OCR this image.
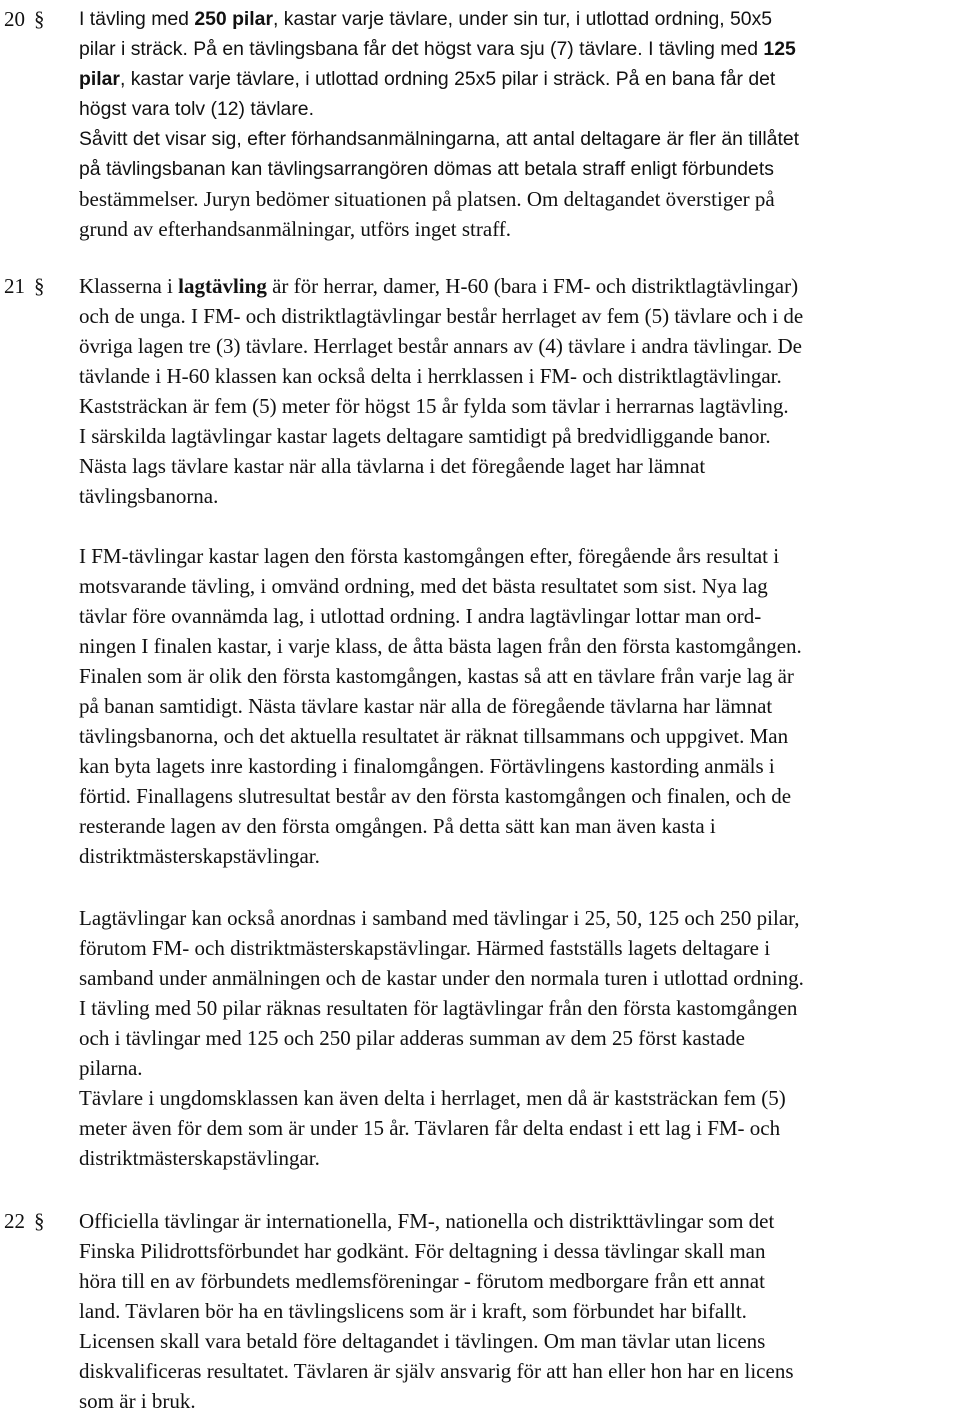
20 § I tävling med 250 pilar, kastar varje tävlare, under sin tur, i utlottad ordning, 50x5
pilar i sträck. På en tävlingsbana får det högst vara sju (7) tävlare. I tävling med 125
pilar, kastar varje tävlare, i utlottad ordning 25x5 pilar i sträck. På en bana får det
högst vara tolv (12) tävlare.
Såvitt det visar sig, efter förhandsanmälningarna, att antal deltagare är fler än tillåtet
på tävlingsbanan kan tävlingsarrangören dömas att betala straff enligt förbundets
bestämmelser. Juryn bedömer situationen på platsen. Om deltagandet överstiger på
grund av efterhandsanmälningar, utförs inget straff.
21 § Klasserna i lagtävling är för herrar, damer, H-60 (bara i FM- och distriktlagtävlingar)
och de unga. I FM- och distriktlagtävlingar består herrlaget av fem (5) tävlare och i de
övriga lagen tre (3) tävlare. Herrlaget består annars av (4) tävlare i andra tävlingar. De
tävlande i H-60 klassen kan också delta i herrklassen i FM- och distriktlagtävlingar.
Kaststräckan är fem (5) meter för högst 15 år fylda som tävlar i herrarnas lagtävling.
I särskilda lagtävlingar kastar lagets deltagare samtidigt på bredvidliggande banor.
Nästa lags tävlare kastar när alla tävlarna i det föregående laget har lämnat
tävlingsbanorna.
I FM-tävlingar kastar lagen den första kastomgången efter, föregående års resultat i
motsvarande tävling, i omvänd ordning, med det bästa resultatet som sist. Nya lag
tävlar före ovannämda lag, i utlottad ordning. I andra lagtävlingar lottar man ord-
ningen I finalen kastar, i varje klass, de åtta bästa lagen från den första kastomgången.
Finalen som är olik den första kastomgången, kastas så att en tävlare från varje lag är
på banan samtidigt. Nästa tävlare kastar när alla de föregående tävlarna har lämnat
tävlingsbanorna, och det aktuella resultatet är räknat tillsammans och uppgivet. Man
kan byta lagets inre kastording i finalomgången. Förtävlingens kastording anmäls i
förtid. Finallagens slutresultat består av den första kastomgången och finalen, och de
resterande lagen av den första omgången. På detta sätt kan man även kasta i
distriktmästerskapstävlingar.
Lagtävlingar kan också anordnas i samband med tävlingar i 25, 50, 125 och 250 pilar,
förutom FM- och distriktmästerskapstävlingar. Härmed fastställs lagets deltagare i
samband under anmälningen och de kastar under den normala turen i utlottad ordning.
I tävling med 50 pilar räknas resultaten för lagtävlingar från den första kastomgången
och i tävlingar med 125 och 250 pilar adderas summan av dem 25 först kastade
pilarna.
Tävlare i ungdomsklassen kan även delta i herrlaget, men då är kaststräckan fem (5)
meter även för dem som är under 15 år. Tävlaren får delta endast i ett lag i FM- och
distriktmästerskapstävlingar.
22 § Officiella tävlingar är internationella, FM-, nationella och distrikttävlingar som det
Finska Pilidrottsförbundet har godkänt. För deltagning i dessa tävlingar skall man
höra till en av förbundets medlemsföreningar - förutom medborgare från ett annat
land. Tävlaren bör ha en tävlingslicens som är i kraft, som förbundet har bifallt.
Licensen skall vara betald före deltagandet i tävlingen. Om man tävlar utan licens
diskvalificeras resultatet. Tävlaren är själv ansvarig för att han eller hon har en licens
som är i bruk.
